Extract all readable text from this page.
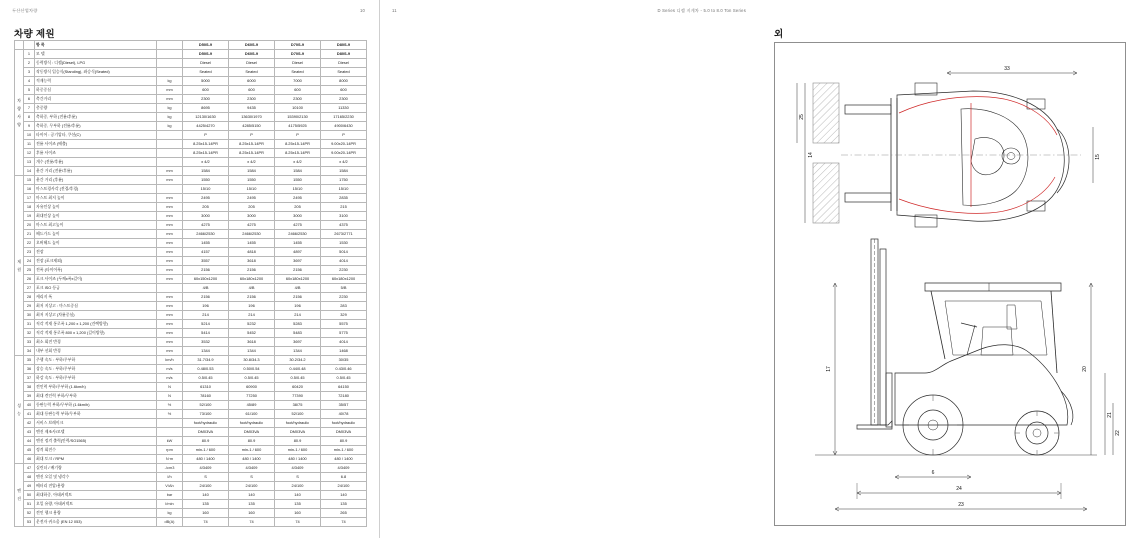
두산산업차량	10
차량 제원
		항 목		D50S-9	D60S-9	D70S-9	D80S-9
차
량
사
양	1	모 델		D50S-9	D60S-9	D70S-9	D80S-9
	2	동력방식 : 디젤(Diesel), LPG		Diesel	Diesel	Diesel	Diesel
	3	작동방식 입승식(Standing), 좌승식(Seated)		Seated	Seated	Seated	Seated
	4	적재능력	kg	5000	6000	7000	8000
	5	하중중심	mm	600	600	600	600
	6	축간거리	mm	2300	2300	2300	2300
	7	총중량	kg	8695	9435	10100	11330
	8	축하중, 부하 (전륜/후륜)	kg	12130/1630	13630/1970	15390/2130	17165/2230
	9	축하중, 무부하 (전륜/후륜)	kg	4425/4270	4285/5150	4175/5925	4900/6430
	10	타이어 : 공기압타, 쿠션(C)		P	P	P	P
	11	전륜 사이즈 (배출)		8.25x15-14PR	8.25x15-14PR	8.25x15-14PR	9.00x20-14PR
	12	후륜 사이즈		8.25x15-14PR	8.25x15-14PR	8.25x15-14PR	9.00x20-14PR
	13	개수 (전륜/후륜)		x 4/2	x 4/2	x 4/2	x 4/2
	14	윤간 거리 (전륜/후륜)	mm	1584	1584	1584	1584
제
원	15	윤간 거리 (후륜)	mm	1550	1550	1550	1750
	16	마스트경사각 (전경/후경)		15/10	15/10	15/10	15/10
	17	마스트 최저 높이	mm	2495	2495	2495	2835
	18	자유인상 높이	mm	205	205	205	215
	19	최대인상 높이	mm	3000	3000	3000	3100
	20	마스트 최고높이	mm	4275	4275	4275	4375
	21	헤드가드 높이	mm	2466/2530	2466/2530	2466/2530	2673/2771
	22	오버헤드 높이	mm	1455	1455	1455	1530
	23	전장	mm	4157	4818	4897	5014
	24	전장 (포크제외)	mm	3557	3618	3697	4014
	25	전폭 (타이어폭)	mm	2156	2156	2156	2230
	26	포크 사이즈 (두께x폭x길이)	mm	60x150x1200	60x180x1200	60x180x1200	60x180x1200
	27	포크 ISO 등급		4/B	4/B	4/B	5/B
	28	캐리지 폭	mm	2156	2156	2156	2230
	29	최저 지상고 : 마스트중심	mm	196	196	196	283
	30	최저 지상고 (차륜중심)	mm	214	214	214	329
	31	직각 적재 통로폭 1,200 x 1,200 (건랙방향)	mm	5214	5232	5283	5575
	32	직각 적재 통로폭 800 x 1,200 (길이방향)	mm	5414	5452	5483	5775
	33	최소 회전 반경	mm	3532	3618	3697	4014
	34	내부 선회 반경	mm	1344	1344	1344	1468
성
능	35	주행 속도 : 부하/무부하	km/h	31.7/34.9	30.8/34.3	30.2/34.2	30/35
	36	상승 속도 : 부하/무부하	m/s	0.48/0.53	0.50/0.54	0.44/0.48	0.43/0.46
	37	하강 속도 : 부하/무부하	m/s	0.5/0.45	0.5/0.45	0.5/0.45	0.5/0.45
	38	견인력 부하/무부하 (1.6km/h)	N	61310	60900	60420	64150
	39	최대 견인력 부하/무부하	N	78160	77250	77390	72180
	40	등판능력 부하/무부하 (1.6km/h)	%	52/100	45/89	38/75	35/57
	41	최대 등판능력 부하/무부하	%	73/100	61/100	52/100	40/78
	42	서비스 브레이크		foot/hydraulic	foot/hydraulic	foot/hydraulic	foot/hydraulic
	43	엔진 제조사/모델		DM03VA	DM03VA	DM03VA	DM03VA
	44	엔진 정격 출력(안력/SO1565)	kW	80.9	80.9	80.9	80.9
	45	정격 회전수	rpm	min-1 / 600	min-1 / 600	min-1 / 600	min-1 / 600
	46	최대 토크 / RPM	N·m	480 / 1400	480 / 1400	480 / 1400	480 / 1400
엔
진	47	실린더 / 배기량	-/cm3	4/3409	4/3409	4/3409	4/3409
	48	엔진 오일 및 냉각수	I/h	S	S	S	6.8
	49	베터리 전압/용량	V/Ah	24/100	24/100	24/100	24/100
	50	최대하중, 아태커넥트	bar	140	140	140	140
	51	오일 유량, 아태커넥트	l/min	135	135	135	135
	52	견인 행크 용량	kg	160	160	160	265
	53	운전자 귀소음 (EN 12 053)	dB(A)	74	74	74	74
11	D Series 디젤 지게차 - 5.0 to 8.0 Ton Series
외
33
25
14	15
17	20
21
22
6
24
23
